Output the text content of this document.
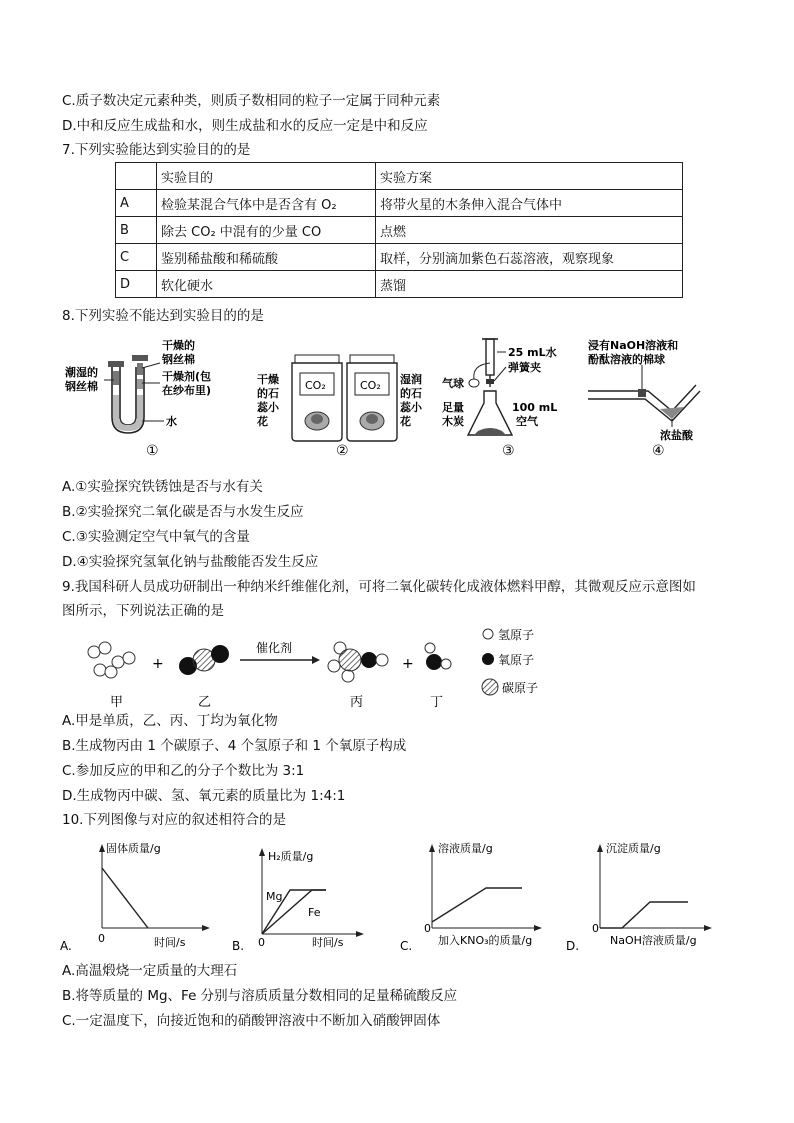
C.质子数决定元素种类，则质子数相同的粒子一定属于同种元素
D.中和反应生成盐和水，则生成盐和水的反应一定是中和反应
7.下列实验能达到实验目的的是
	实验目的	实验方案
A	检验某混合气体中是否含有 O₂	将带火星的木条伸入混合气体中
B	除去 CO₂ 中混有的少量 CO	点燃
C	鉴别稀盐酸和稀硫酸	取样，分别滴加紫色石蕊溶液，观察现象
D	软化硬水	蒸馏
8.下列实验不能达到实验目的的是
潮湿的
钢丝棉
干燥的
钢丝棉
干燥剂(包
在纱布里)
水
①
干燥
的石
蕊小
花
CO₂	CO₂ 湿润
的石
蕊小
花
②
25 mL水
弹簧夹
气球
足量
木炭
100 mL
空气
③
浸有NaOH溶液和
酚酞溶液的棉球
浓盐酸
④
A.①实验探究铁锈蚀是否与水有关
B.②实验探究二氧化碳是否与水发生反应
C.③实验测定空气中氧气的含量
D.④实验探究氢氧化钠与盐酸能否发生反应
9.我国科研人员成功研制出一种纳米纤维催化剂，可将二氧化碳转化成液体燃料甲醇，其微观反应示意图如
图所示，下列说法正确的是
+
催化剂
+
甲	乙	丙	丁
氢原子
氧原子
碳原子
A.甲是单质，乙、丙、丁均为氧化物
B.生成物丙由 1 个碳原子、4 个氢原子和 1 个氧原子构成
C.参加反应的甲和乙的分子个数比为 3:1
D.生成物丙中碳、氢、氧元素的质量比为 1:4:1
10.下列图像与对应的叙述相符合的是
A.
固体质量/g
0	时间/s	B.
H₂质量/g
0	时间/s
Mg
Fe
C.
溶液质量/g
0
加入KNO₃的质量/g	D.
沉淀质量/g
0
NaOH溶液质量/g
A.高温煅烧一定质量的大理石
B.将等质量的 Mg、Fe 分别与溶质质量分数相同的足量稀硫酸反应
C.一定温度下，向接近饱和的硝酸钾溶液中不断加入硝酸钾固体
